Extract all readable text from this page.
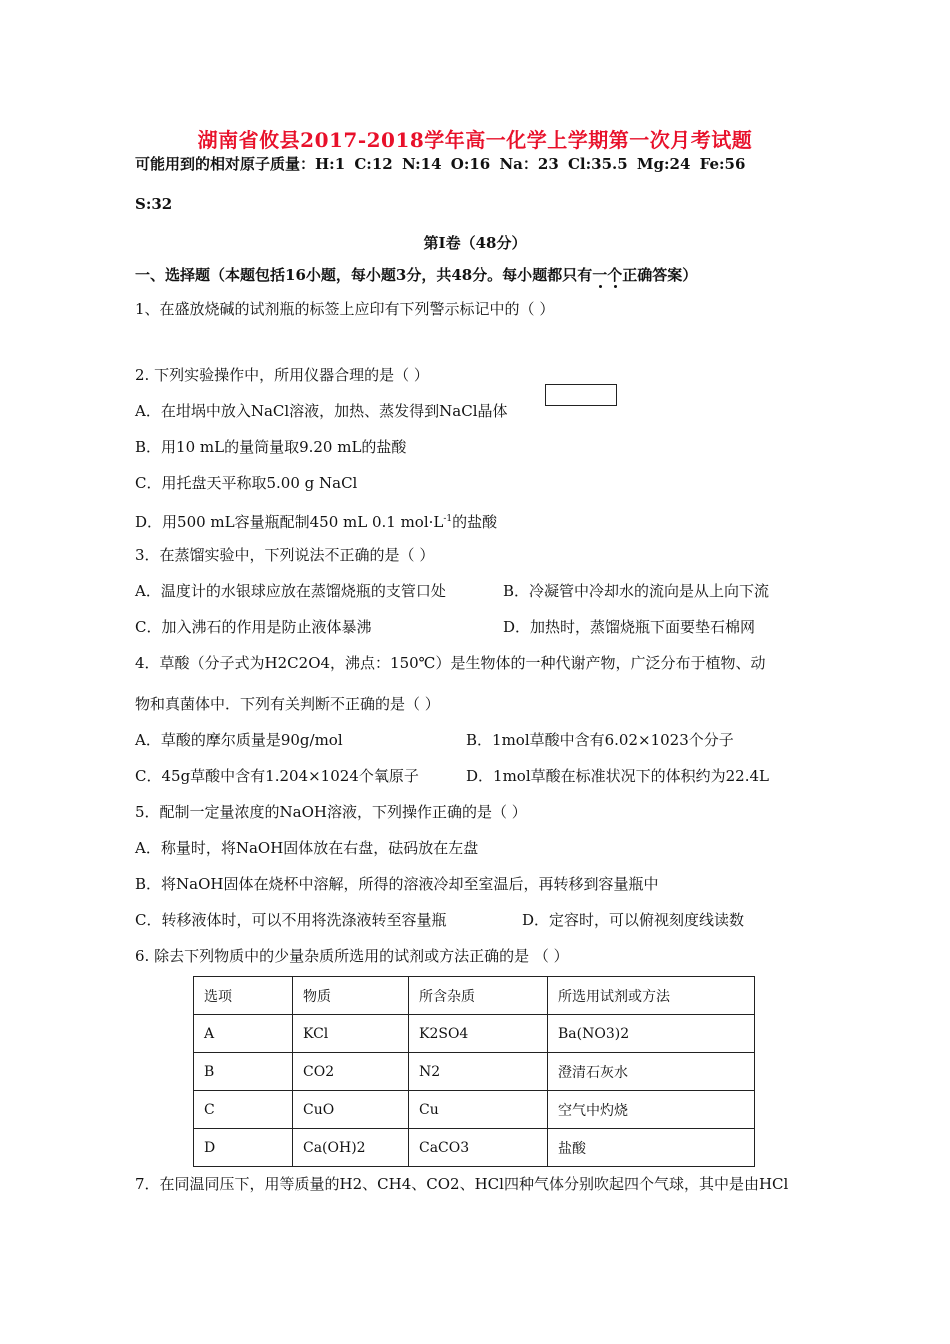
湖南省攸县2017-2018学年高一化学上学期第一次月考试题
可能用到的相对原子质量：H:1 C:12 N:14 O:16 Na：23 Cl:35.5 Mg:24 Fe:56
S:32
第Ⅰ卷（48分）
一、选择题（本题包括16小题，每小题3分，共48分。每小题都只有一个正确答案）
1、在盛放烧碱的试剂瓶的标签上应印有下列警示标记中的（ ）
2. 下列实验操作中，所用仪器合理的是（ ）
A．在坩埚中放入NaCl溶液，加热、蒸发得到NaCl晶体
B．用10 mL的量筒量取9.20 mL的盐酸
C．用托盘天平称取5.00 g NaCl
D．用500 mL容量瓶配制450 mL 0.1 $mol\cdot L^{-1}$的盐酸
3．在蒸馏实验中，下列说法不正确的是（ ）
A．温度计的水银球应放在蒸馏烧瓶的支管口处	B．冷凝管中冷却水的流向是从上向下流
C．加入沸石的作用是防止液体暴沸	D．加热时，蒸馏烧瓶下面要垫石棉网
4．草酸（分子式为H2C2O4，沸点：150℃）是生物体的一种代谢产物，广泛分布于植物、动
物和真菌体中．下列有关判断不正确的是（ ）
A．草酸的摩尔质量是90g/mol	B．1mol草酸中含有6.02×1023个分子
C．45g草酸中含有1.204×1024个氧原子	D．1mol草酸在标准状况下的体积约为22.4L
5．配制一定量浓度的NaOH溶液，下列操作正确的是（ ）
A．称量时，将NaOH固体放在右盘，砝码放在左盘
B．将NaOH固体在烧杯中溶解，所得的溶液冷却至室温后，再转移到容量瓶中
C．转移液体时，可以不用将洗涤液转至容量瓶	D．定容时，可以俯视刻度线读数
6. 除去下列物质中的少量杂质所选用的试剂或方法正确的是 （ ）
选项	物质	所含杂质	所选用试剂或方法
A	KCl	K2SO4	Ba(NO3)2
B	CO2	N2	澄清石灰水
C	CuO	Cu	空气中灼烧
D	Ca(OH)2	CaCO3	盐酸
7．在同温同压下，用等质量的H2、CH4、CO2、HCl四种气体分别吹起四个气球，其中是由HCl
